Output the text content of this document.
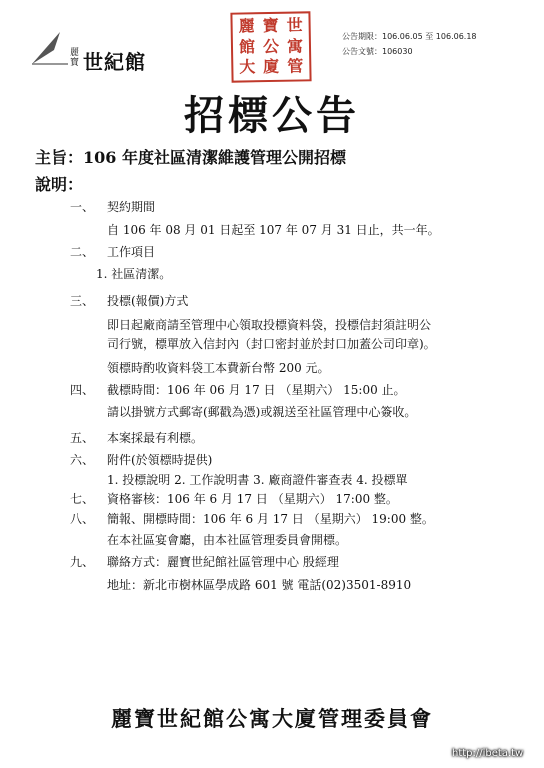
麗寶 世紀館
麗 寶 世
館 公 寓
大 廈 管
公告期限：106.06.05 至 106.06.18
公告文號：106030
招標公告
主旨：106 年度社區清潔維護管理公開招標
說明：
一、 契約期間
自 106 年 08 月 01 日起至 107 年 07 月 31 日止，共一年。
二、 工作項目
1. 社區清潔。
三、 投標(報價)方式
即日起廠商請至管理中心領取投標資料袋，投標信封須註明公
司行號，標單放入信封內（封口密封並於封口加蓋公司印章)。
領標時酌收資料袋工本費新台幣 200 元。
四、 截標時間：106 年 06 月 17 日 （星期六） 15:00 止。
請以掛號方式郵寄(郵戳為憑)或親送至社區管理中心簽收。
五、 本案採最有利標。
六、 附件(於領標時提供)
1. 投標說明 2. 工作說明書 3. 廠商證件審查表 4. 投標單
七、 資格審核：106 年 6 月 17 日 （星期六） 17:00 整。
八、 簡報、開標時間：106 年 6 月 17 日 （星期六） 19:00 整。
在本社區宴會廳，由本社區管理委員會開標。
九、 聯絡方式：麗寶世紀館社區管理中心 殷經理
地址：新北市樹林區學成路 601 號 電話(02)3501-8910
麗寶世紀館公寓大廈管理委員會
http://ibeta.tw
